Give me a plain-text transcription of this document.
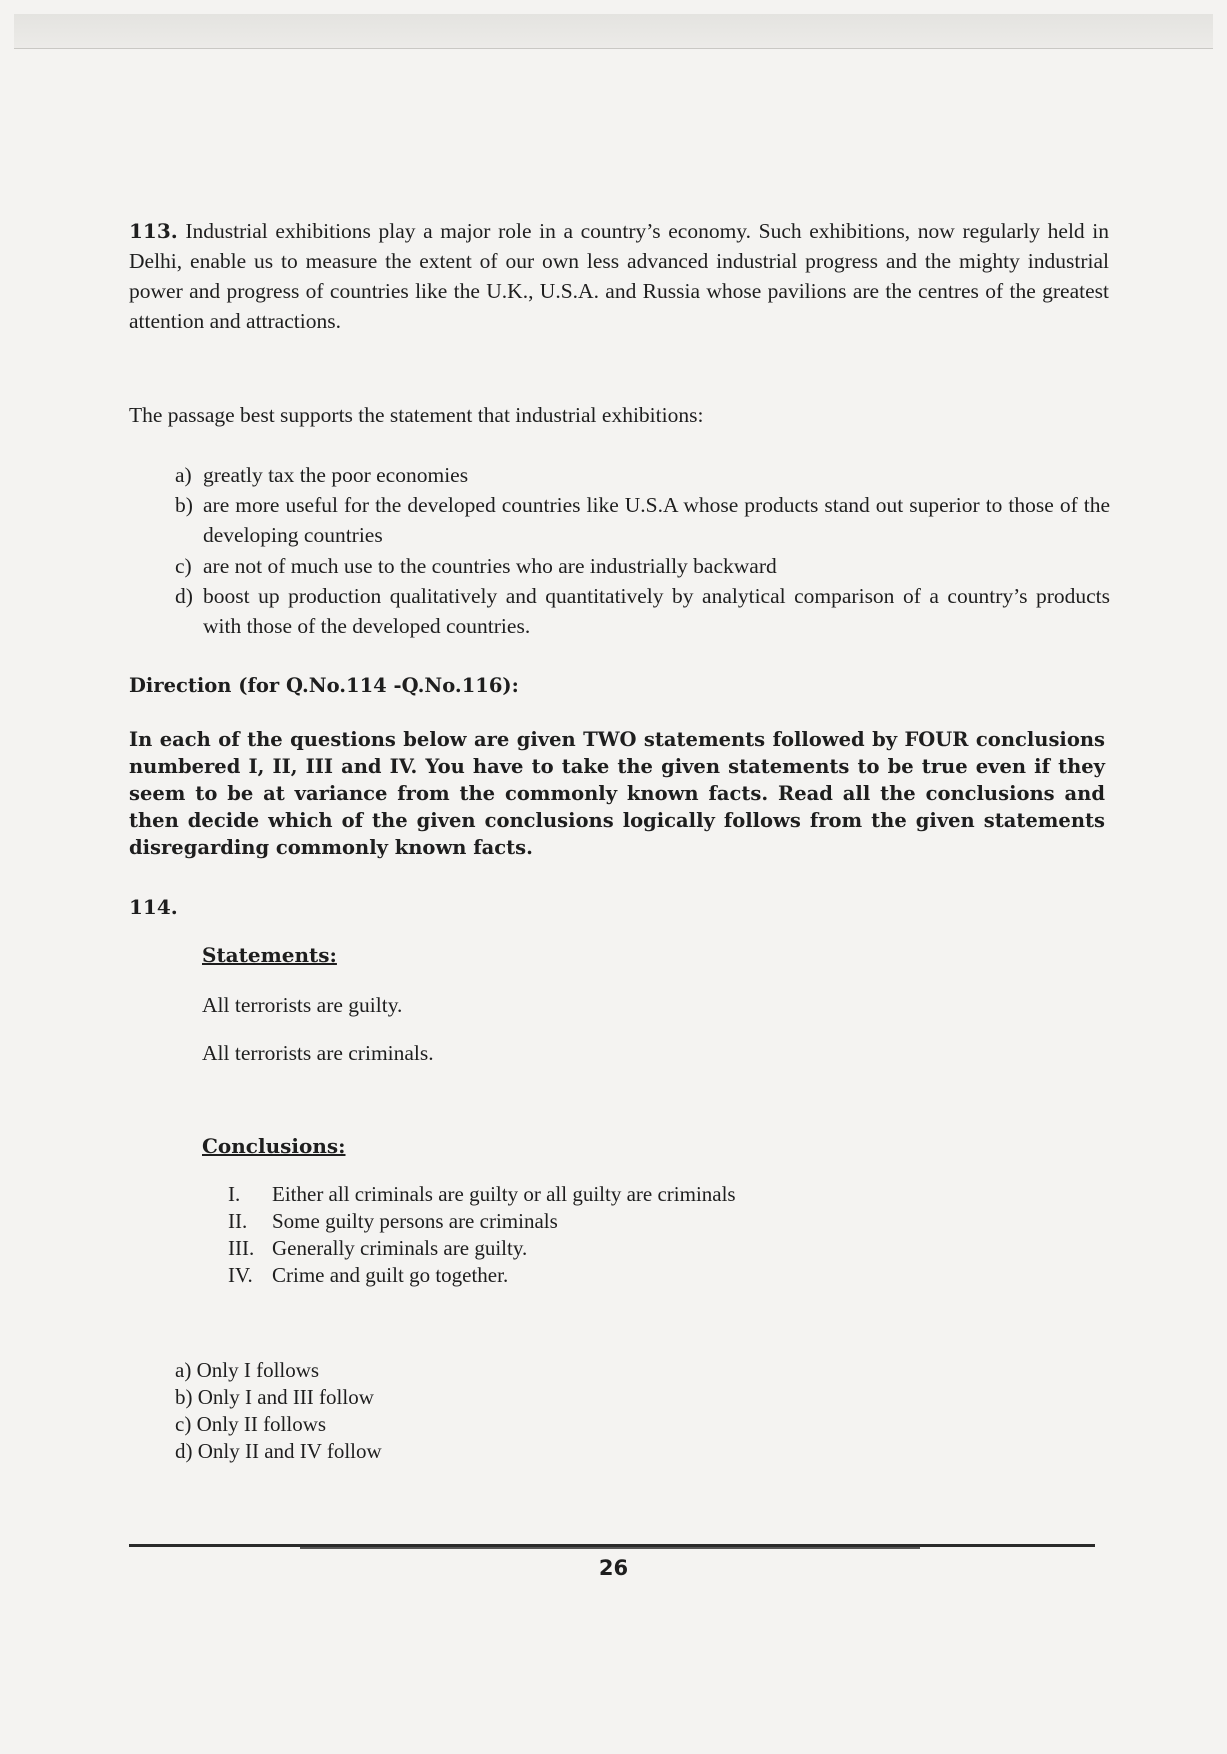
113. Industrial exhibitions play a major role in a country’s economy. Such exhibitions, now regularly held in Delhi, enable us to measure the extent of our own less advanced industrial progress and the mighty industrial power and progress of countries like the U.K., U.S.A. and Russia whose pavilions are the centres of the greatest attention and attractions.
The passage best supports the statement that industrial exhibitions:
a) greatly tax the poor economies
b) are more useful for the developed countries like U.S.A whose products stand out superior to those of the developing countries
c) are not of much use to the countries who are industrially backward
d) boost up production qualitatively and quantitatively by analytical comparison of a country’s products with those of the developed countries.
Direction (for Q.No.114 -Q.No.116):
In each of the questions below are given TWO statements followed by FOUR conclusions numbered I, II, III and IV. You have to take the given statements to be true even if they seem to be at variance from the commonly known facts. Read all the conclusions and then decide which of the given conclusions logically follows from the given statements disregarding commonly known facts.
114.
Statements:
All terrorists are guilty.
All terrorists are criminals.
Conclusions:
I. Either all criminals are guilty or all guilty are criminals
II. Some guilty persons are criminals
III. Generally criminals are guilty.
IV. Crime and guilt go together.
a) Only I follows
b) Only I and III follow
c) Only II follows
d) Only II and IV follow
26
